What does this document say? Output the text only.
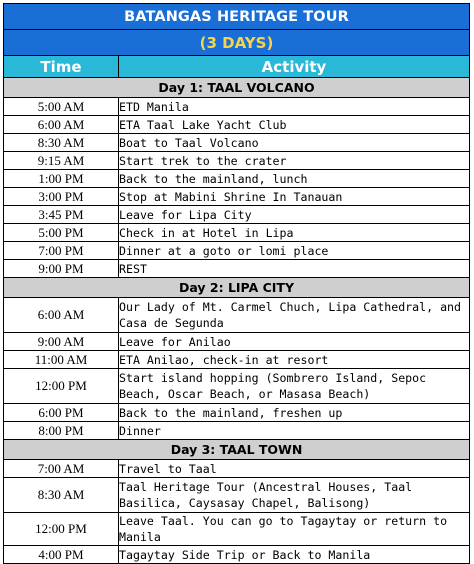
BATANGAS HERITAGE TOUR	
(3 DAYS)	
Time	Activity
Day 1: TAAL VOLCANO	
5:00 AM	ETD Manila
6:00 AM	ETA Taal Lake Yacht Club
8:30 AM	Boat to Taal Volcano
9:15 AM	Start trek to the crater
1:00 PM	Back to the mainland, lunch
3:00 PM	Stop at Mabini Shrine In Tanauan
3:45 PM	Leave for Lipa City
5:00 PM	Check in at Hotel in Lipa
7:00 PM	Dinner at a goto or lomi place
9:00 PM	REST
Day 2: LIPA CITY	
6:00 AM	Our Lady of Mt. Carmel Chuch, Lipa Cathedral, and Casa de Segunda
9:00 AM	Leave for Anilao
11:00 AM	ETA Anilao, check-in at resort
12:00 PM	Start island hopping (Sombrero Island, Sepoc Beach, Oscar Beach, or Masasa Beach)
6:00 PM	Back to the mainland, freshen up
8:00 PM	Dinner
Day 3: TAAL TOWN	
7:00 AM	Travel to Taal
8:30 AM	Taal Heritage Tour (Ancestral Houses, Taal Basilica, Caysasay Chapel, Balisong)
12:00 PM	Leave Taal. You can go to Tagaytay or return to Manila
4:00 PM	Tagaytay Side Trip or Back to Manila
